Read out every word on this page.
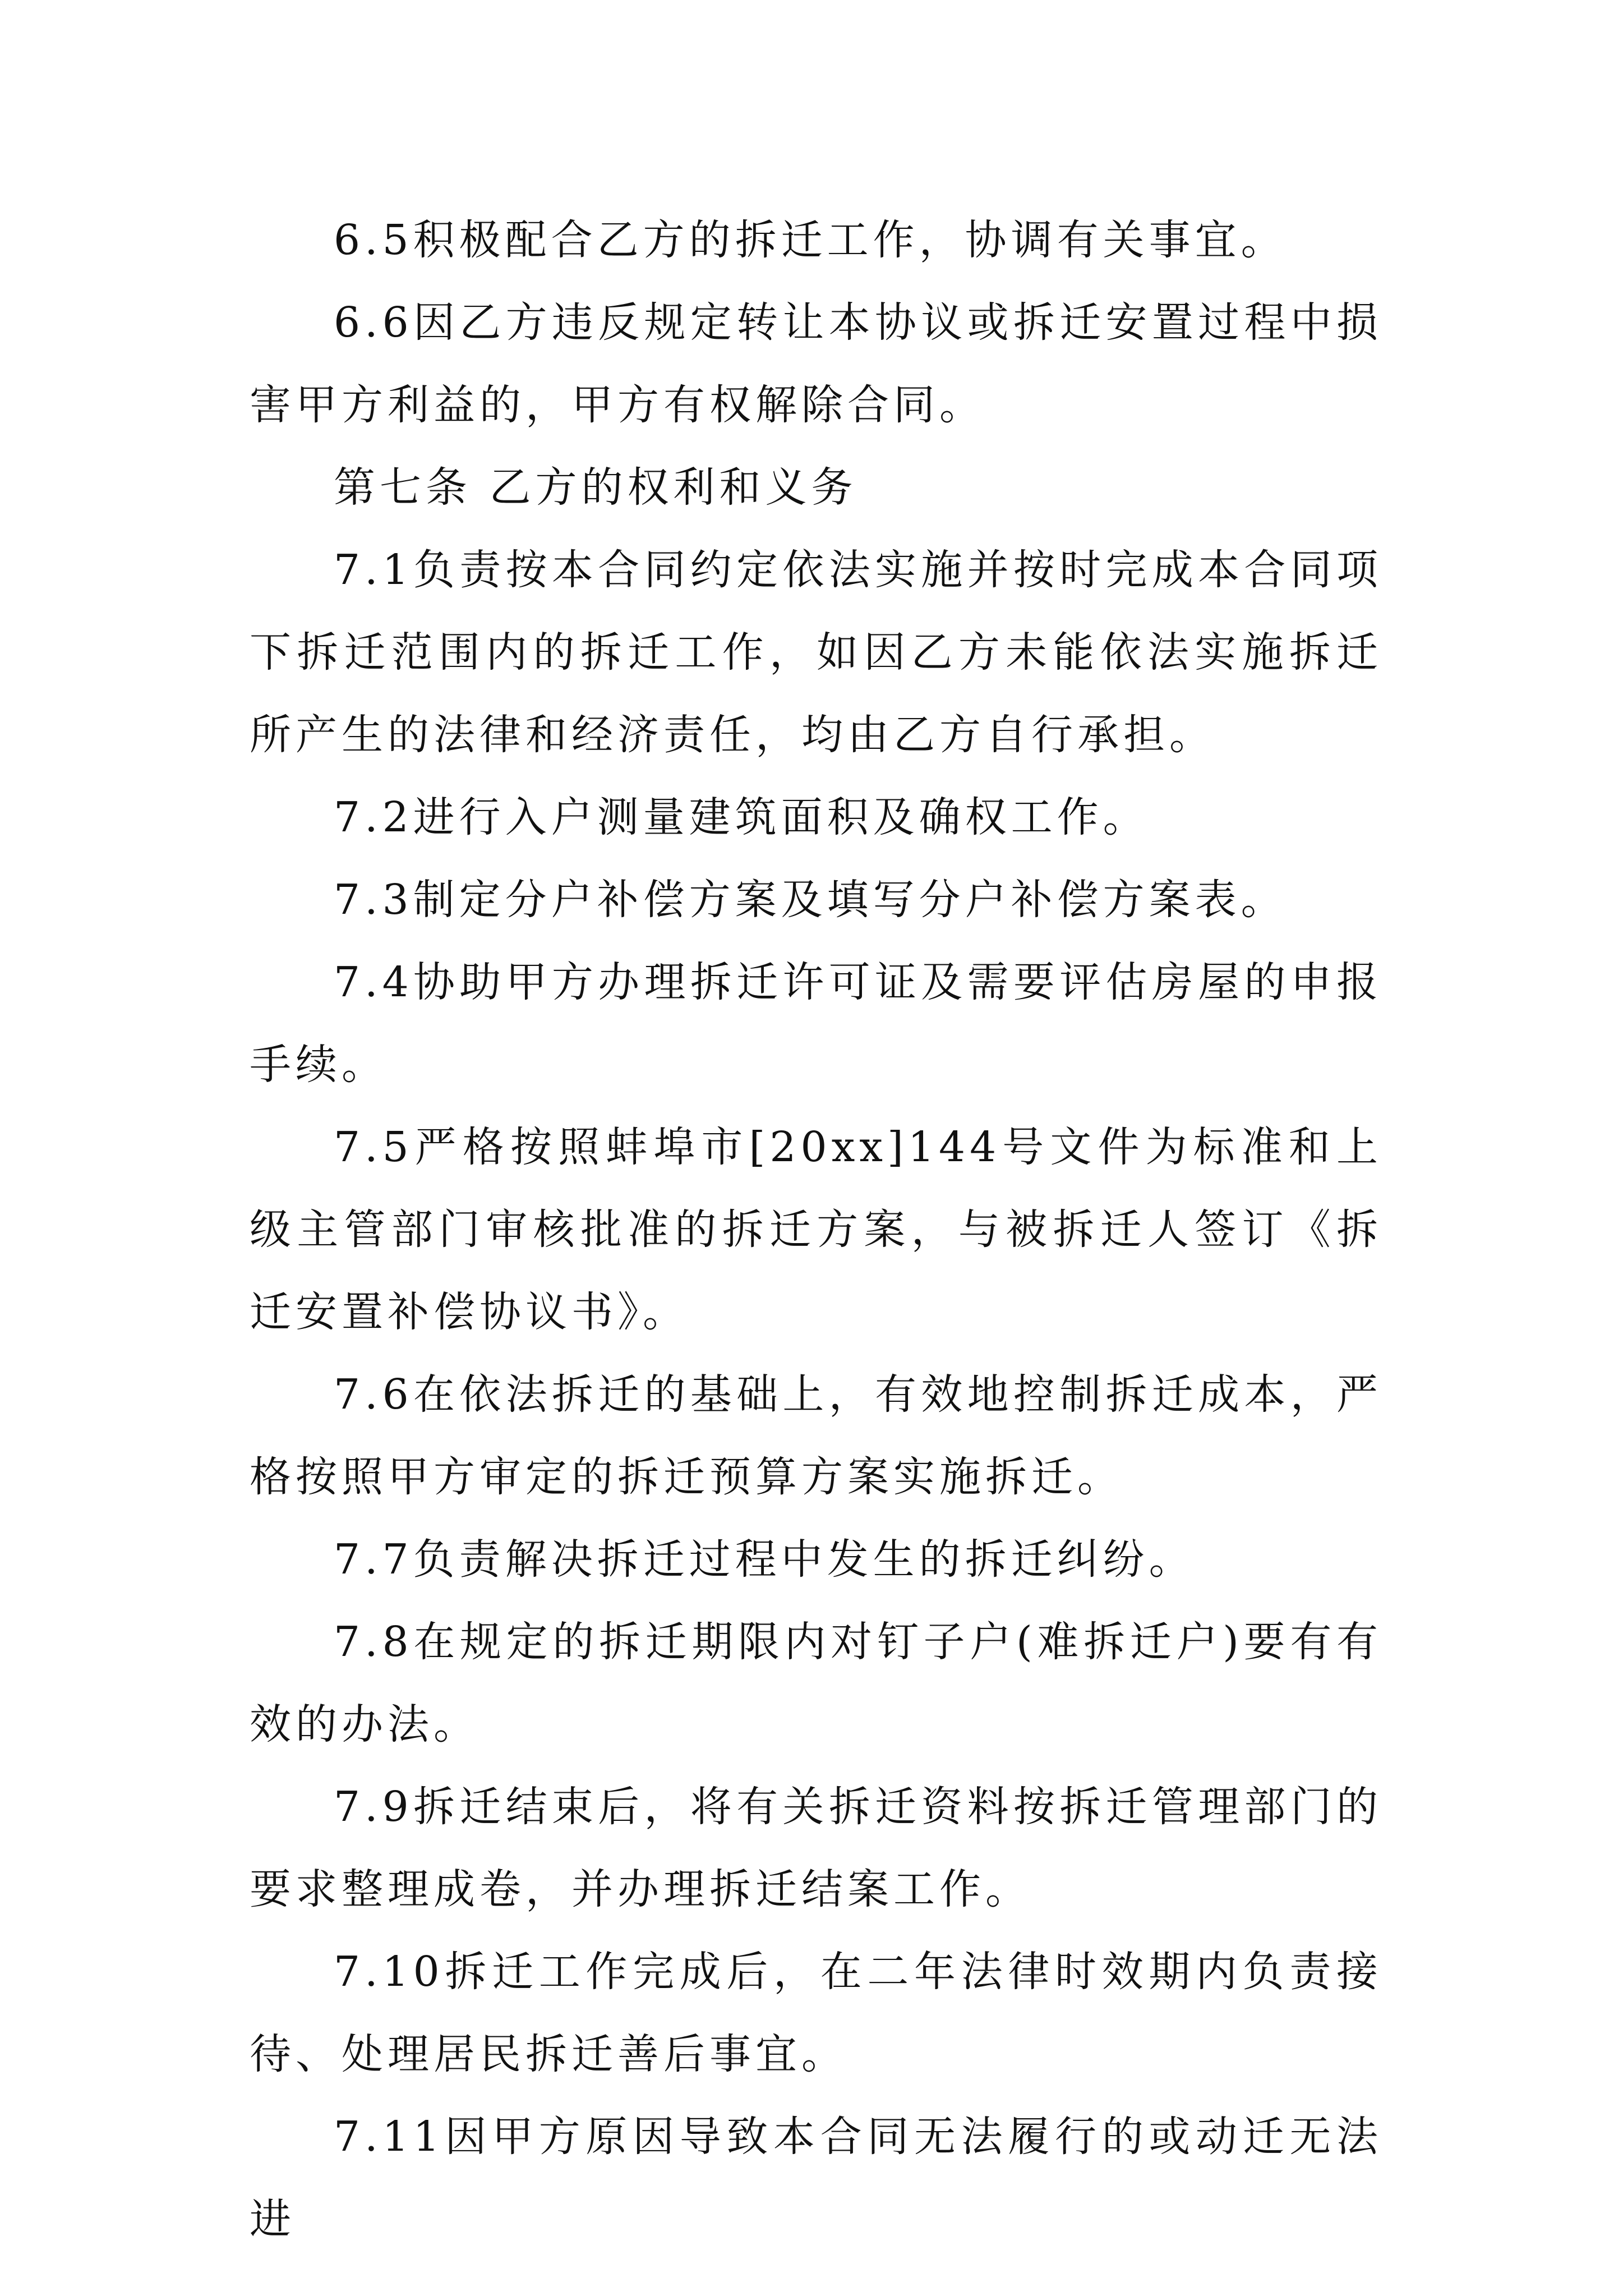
6.5积极配合乙方的拆迁工作，协调有关事宜。

6.6因乙方违反规定转让本协议或拆迁安置过程中损害甲方利益的，甲方有权解除合同。

第七条 乙方的权利和义务

7.1负责按本合同约定依法实施并按时完成本合同项下拆迁范围内的拆迁工作，如因乙方未能依法实施拆迁所产生的法律和经济责任，均由乙方自行承担。

7.2进行入户测量建筑面积及确权工作。

7.3制定分户补偿方案及填写分户补偿方案表。

7.4协助甲方办理拆迁许可证及需要评估房屋的申报手续。

7.5严格按照蚌埠市[20xx]144号文件为标准和上级主管部门审核批准的拆迁方案，与被拆迁人签订《拆迁安置补偿协议书》。

7.6在依法拆迁的基础上，有效地控制拆迁成本，严格按照甲方审定的拆迁预算方案实施拆迁。

7.7负责解决拆迁过程中发生的拆迁纠纷。

7.8在规定的拆迁期限内对钉子户(难拆迁户)要有有效的办法。

7.9拆迁结束后，将有关拆迁资料按拆迁管理部门的要求整理成卷，并办理拆迁结案工作。

7.10拆迁工作完成后，在二年法律时效期内负责接待、处理居民拆迁善后事宜。

7.11因甲方原因导致本合同无法履行的或动迁无法进
